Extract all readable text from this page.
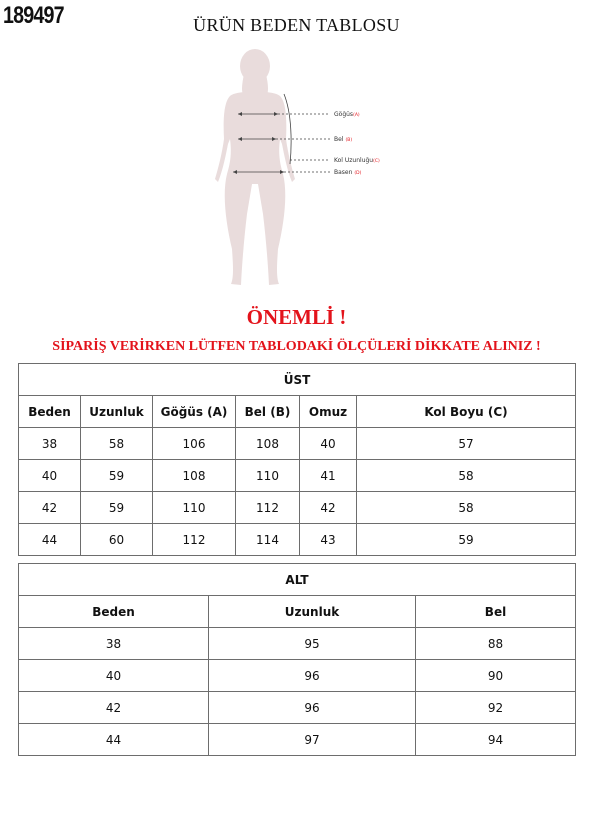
189497	ÜRÜN BEDEN TABLOSU
Göğüs(A)
Bel (B)
Kol Uzunluğu(C)
Basen (D)
ÖNEMLİ !
SİPARİŞ VERİRKEN LÜTFEN TABLODAKİ ÖLÇÜLERİ DİKKATE ALINIZ !
ÜST					
Beden	Uzunluk	Göğüs (A)	Bel (B)	Omuz	Kol Boyu (C)
38	58	106	108	40	57
40	59	108	110	41	58
42	59	110	112	42	58
44	60	112	114	43	59
ALT		
Beden	Uzunluk	Bel
38	95	88
40	96	90
42	96	92
44	97	94
